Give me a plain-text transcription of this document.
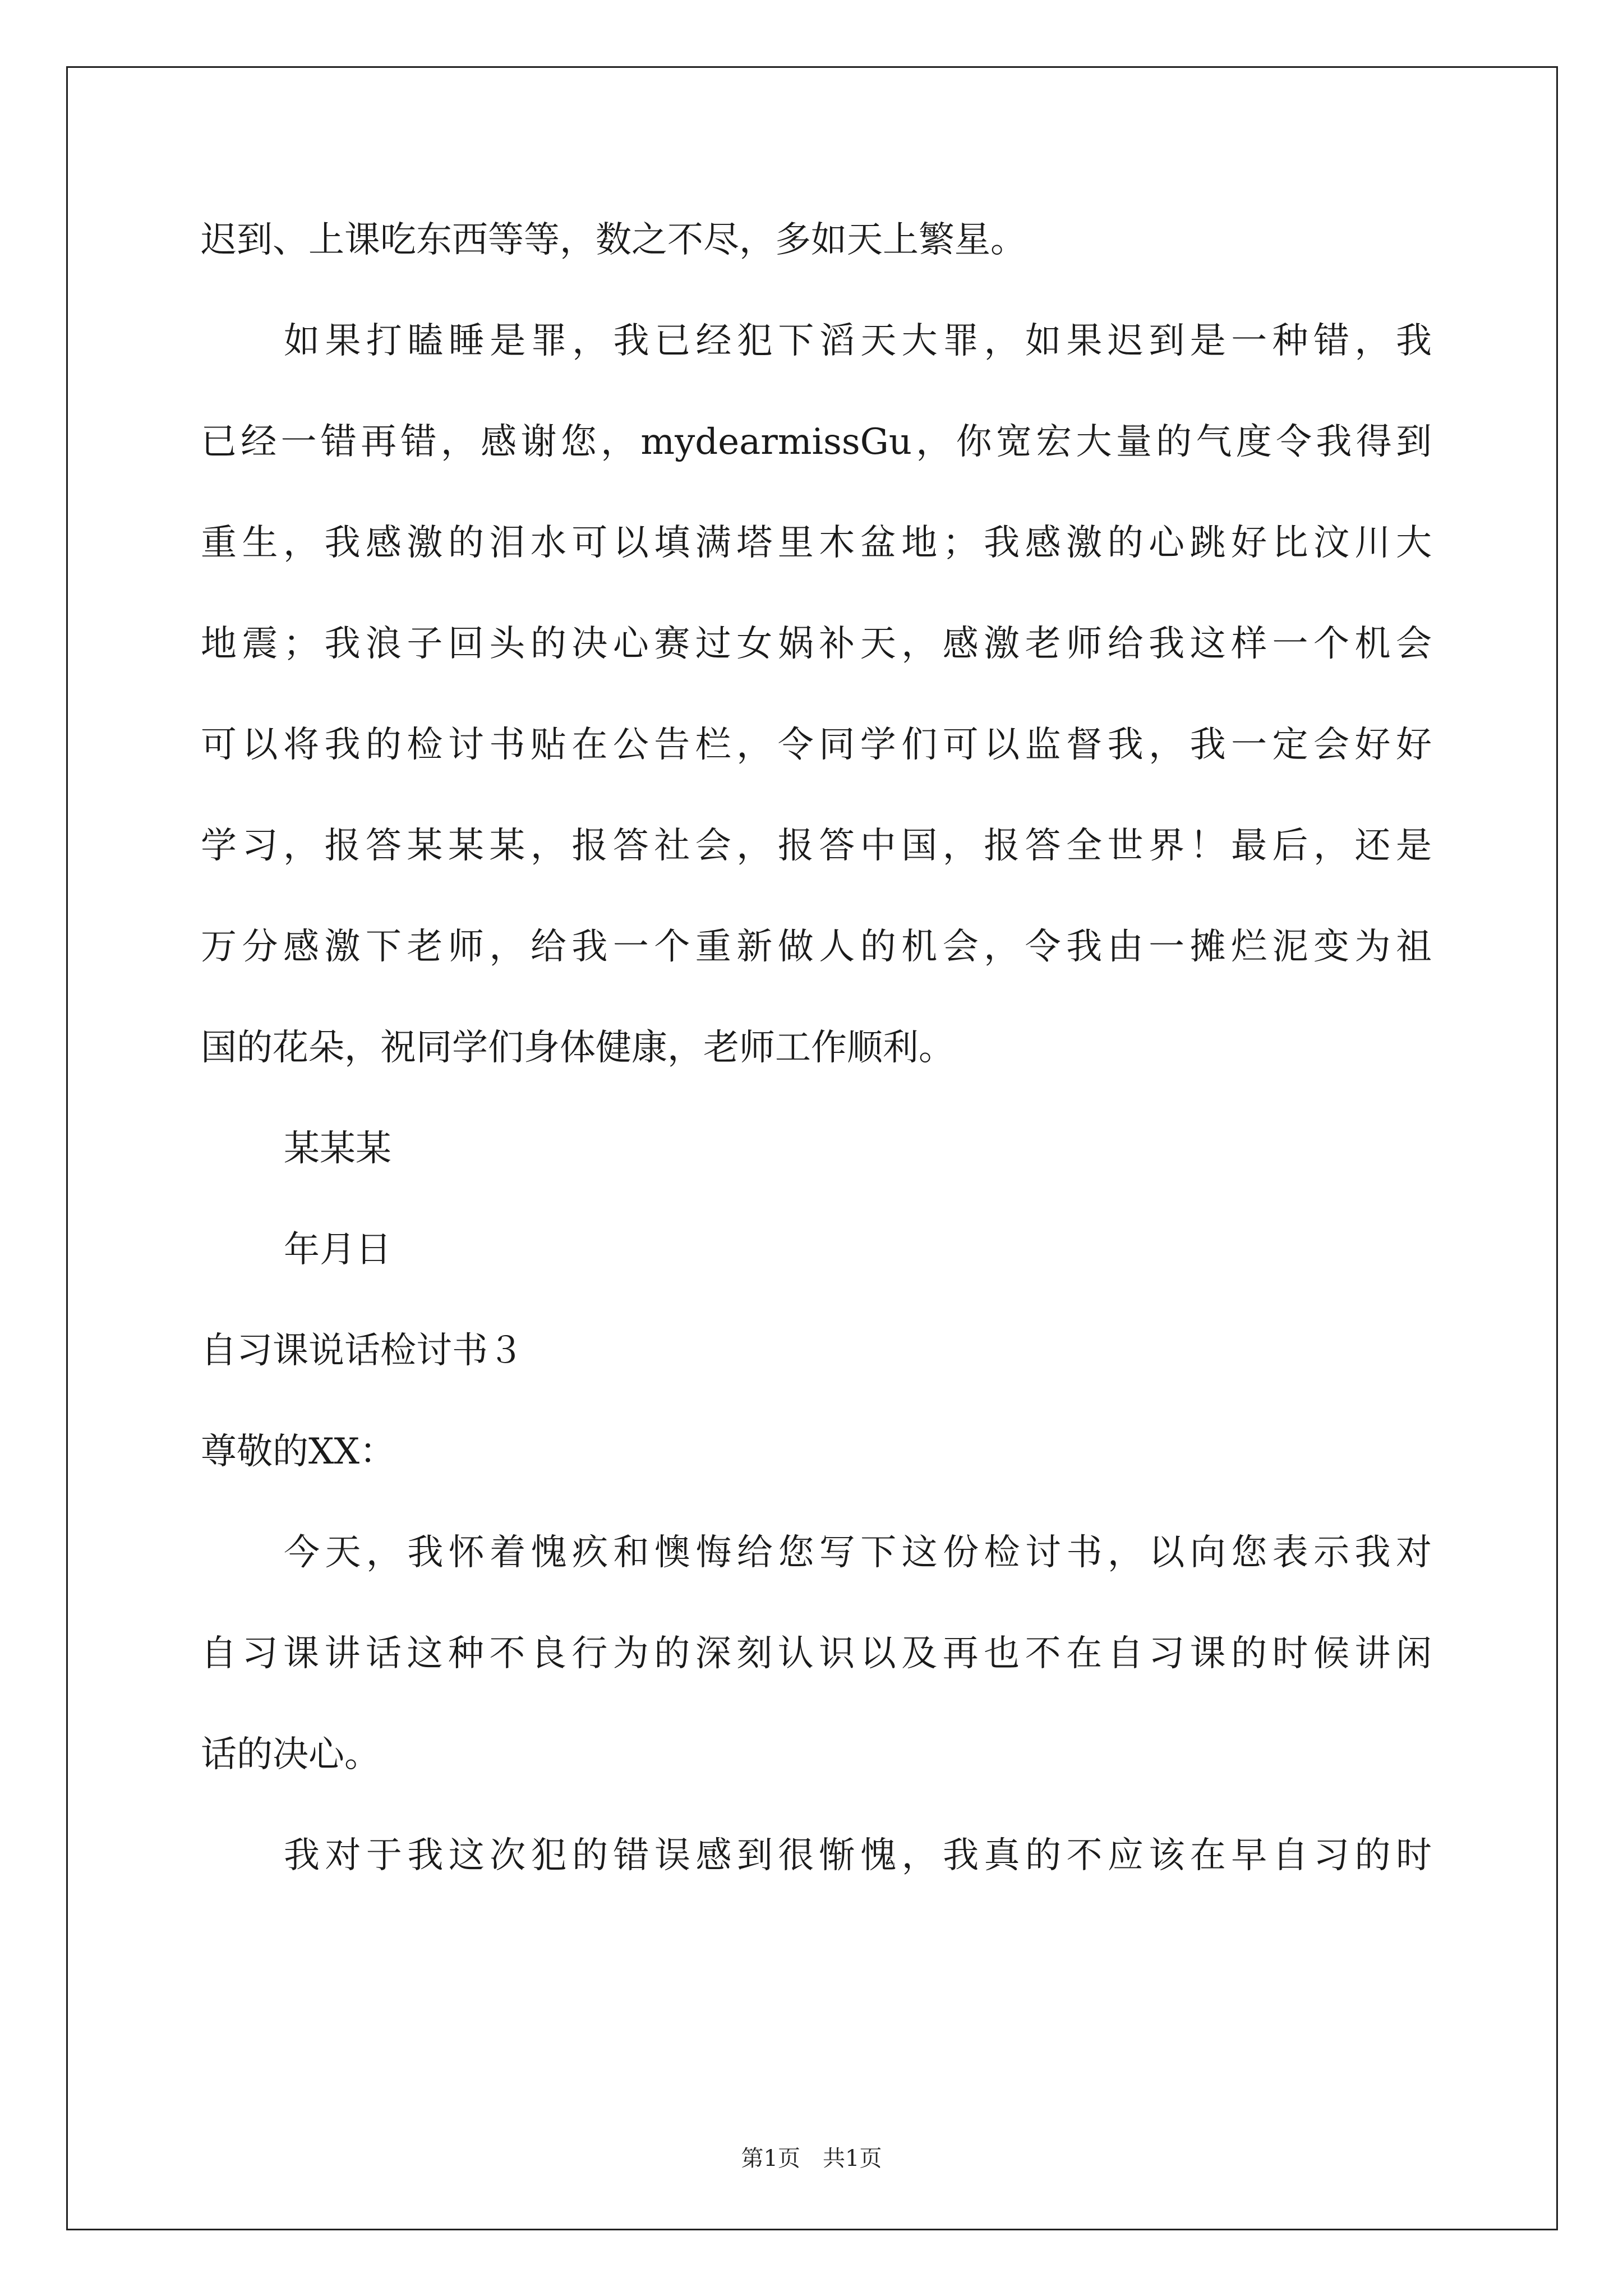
迟到、上课吃东西等等，数之不尽，多如天上繁星。
如果打瞌睡是罪，我已经犯下滔天大罪，如果迟到是一种错，我
已经一错再错，感谢您，mydearmissGu，你宽宏大量的气度令我得到
重生，我感激的泪水可以填满塔里木盆地；我感激的心跳好比汶川大
地震；我浪子回头的决心赛过女娲补天，感激老师给我这样一个机会
可以将我的检讨书贴在公告栏，令同学们可以监督我，我一定会好好
学习，报答某某某，报答社会，报答中国，报答全世界！最后，还是
万分感激下老师，给我一个重新做人的机会，令我由一摊烂泥变为祖
国的花朵，祝同学们身体健康，老师工作顺利。
某某某
年月日
自习课说话检讨书３
尊敬的XX：
今天，我怀着愧疚和懊悔给您写下这份检讨书，以向您表示我对
自习课讲话这种不良行为的深刻认识以及再也不在自习课的时候讲闲
话的决心。
我对于我这次犯的错误感到很惭愧，我真的不应该在早自习的时
第1页　共1页
